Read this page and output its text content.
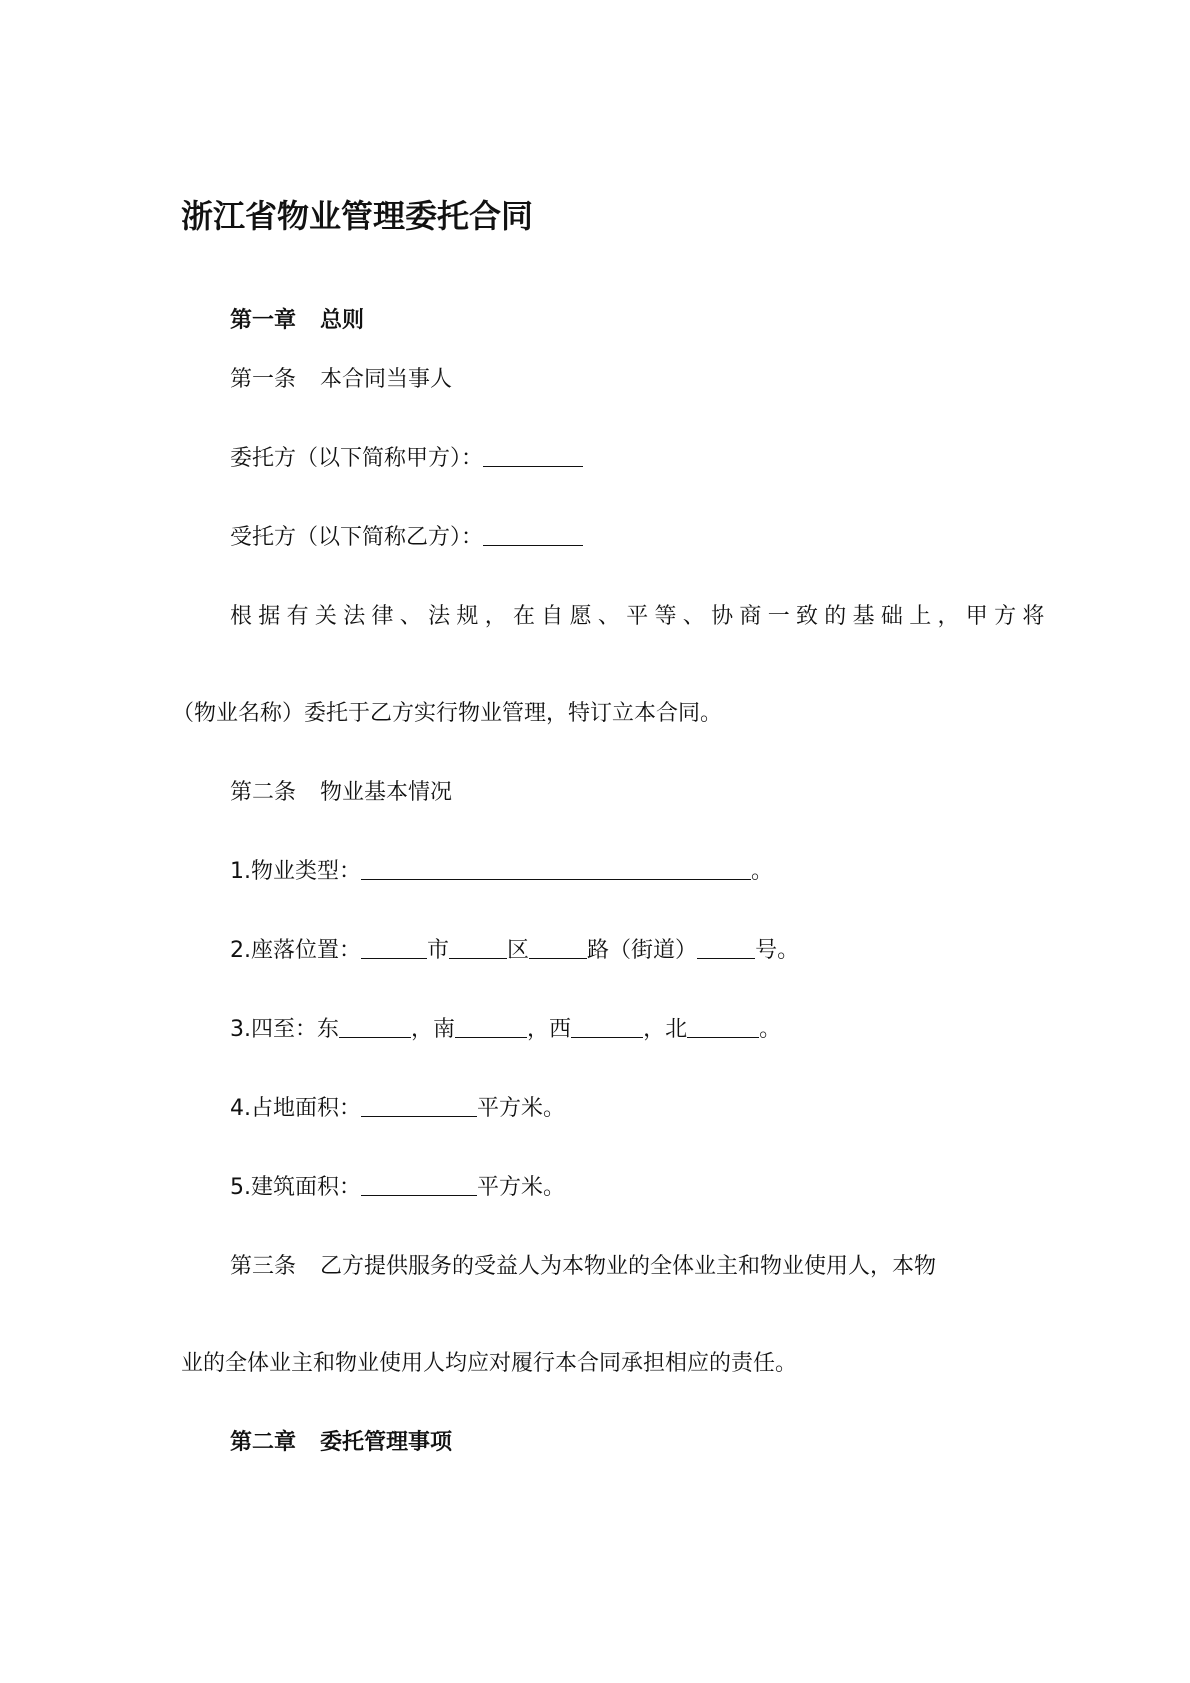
浙江省物业管理委托合同
第一章 总则
第一条 本合同当事人
委托方（以下简称甲方）：
受托方（以下简称乙方）：
根据有关法律、法规，在自愿、平等、协商一致的基础上，甲方将
（物业名称）委托于乙方实行物业管理，特订立本合同。
第二条 物业基本情况
1.物业类型：	。
2.座落位置：	市	区	路（街道）	号。
3.四至：东	，南	，西	，北	。
4.占地面积：	平方米。
5.建筑面积：	平方米。
第三条 乙方提供服务的受益人为本物业的全体业主和物业使用人，本物
业的全体业主和物业使用人均应对履行本合同承担相应的责任。
第二章 委托管理事项
